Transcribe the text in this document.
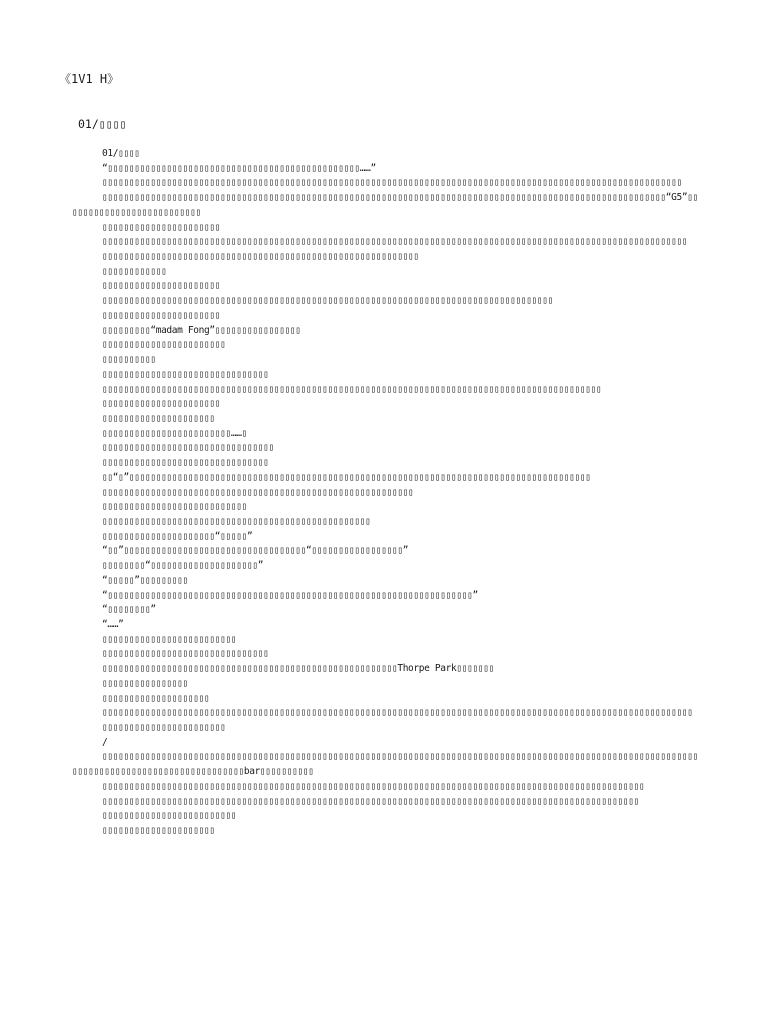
《1V1 H》
01/▯▯▯▯

01/▯▯▯▯

“▯▯▯▯▯▯▯▯▯▯▯▯▯▯▯▯▯▯▯▯▯▯▯▯▯▯▯▯▯▯▯▯▯▯▯▯▯▯▯▯▯▯▯▯▯▯▯……”

▯▯▯▯▯▯▯▯▯▯▯▯▯▯▯▯▯▯▯▯▯▯▯▯▯▯▯▯▯▯▯▯▯▯▯▯▯▯▯▯▯▯▯▯▯▯▯▯▯▯▯▯▯▯▯▯▯▯▯▯▯▯▯▯▯▯▯▯▯▯▯▯▯▯▯▯▯▯▯▯▯▯▯▯▯▯▯▯▯▯▯▯▯▯▯▯▯▯▯▯▯▯▯▯▯▯▯▯

▯▯▯▯▯▯▯▯▯▯▯▯▯▯▯▯▯▯▯▯▯▯▯▯▯▯▯▯▯▯▯▯▯▯▯▯▯▯▯▯▯▯▯▯▯▯▯▯▯▯▯▯▯▯▯▯▯▯▯▯▯▯▯▯▯▯▯▯▯▯▯▯▯▯▯▯▯▯▯▯▯▯▯▯▯▯▯▯▯▯▯▯▯▯▯▯▯▯▯▯▯▯▯▯▯“G5”▯▯▯▯▯▯▯▯▯▯▯▯▯▯▯▯▯▯▯▯▯▯▯▯▯▯

▯▯▯▯▯▯▯▯▯▯▯▯▯▯▯▯▯▯▯▯▯▯

▯▯▯▯▯▯▯▯▯▯▯▯▯▯▯▯▯▯▯▯▯▯▯▯▯▯▯▯▯▯▯▯▯▯▯▯▯▯▯▯▯▯▯▯▯▯▯▯▯▯▯▯▯▯▯▯▯▯▯▯▯▯▯▯▯▯▯▯▯▯▯▯▯▯▯▯▯▯▯▯▯▯▯▯▯▯▯▯▯▯▯▯▯▯▯▯▯▯▯▯▯▯▯▯▯▯▯▯▯

▯▯▯▯▯▯▯▯▯▯▯▯▯▯▯▯▯▯▯▯▯▯▯▯▯▯▯▯▯▯▯▯▯▯▯▯▯▯▯▯▯▯▯▯▯▯▯▯▯▯▯▯▯▯▯▯▯▯▯

▯▯▯▯▯▯▯▯▯▯▯▯

▯▯▯▯▯▯▯▯▯▯▯▯▯▯▯▯▯▯▯▯▯▯

▯▯▯▯▯▯▯▯▯▯▯▯▯▯▯▯▯▯▯▯▯▯▯▯▯▯▯▯▯▯▯▯▯▯▯▯▯▯▯▯▯▯▯▯▯▯▯▯▯▯▯▯▯▯▯▯▯▯▯▯▯▯▯▯▯▯▯▯▯▯▯▯▯▯▯▯▯▯▯▯▯▯▯▯

▯▯▯▯▯▯▯▯▯▯▯▯▯▯▯▯▯▯▯▯▯▯

▯▯▯▯▯▯▯▯▯“madam Fong”▯▯▯▯▯▯▯▯▯▯▯▯▯▯▯▯

▯▯▯▯▯▯▯▯▯▯▯▯▯▯▯▯▯▯▯▯▯▯▯

▯▯▯▯▯▯▯▯▯▯

▯▯▯▯▯▯▯▯▯▯▯▯▯▯▯▯▯▯▯▯▯▯▯▯▯▯▯▯▯▯▯

▯▯▯▯▯▯▯▯▯▯▯▯▯▯▯▯▯▯▯▯▯▯▯▯▯▯▯▯▯▯▯▯▯▯▯▯▯▯▯▯▯▯▯▯▯▯▯▯▯▯▯▯▯▯▯▯▯▯▯▯▯▯▯▯▯▯▯▯▯▯▯▯▯▯▯▯▯▯▯▯▯▯▯▯▯▯▯▯▯▯▯▯▯

▯▯▯▯▯▯▯▯▯▯▯▯▯▯▯▯▯▯▯▯▯▯

▯▯▯▯▯▯▯▯▯▯▯▯▯▯▯▯▯▯▯▯▯

▯▯▯▯▯▯▯▯▯▯▯▯▯▯▯▯▯▯▯▯▯▯▯▯……▯

▯▯▯▯▯▯▯▯▯▯▯▯▯▯▯▯▯▯▯▯▯▯▯▯▯▯▯▯▯▯▯▯

▯▯▯▯▯▯▯▯▯▯▯▯▯▯▯▯▯▯▯▯▯▯▯▯▯▯▯▯▯▯▯

▯▯“▯”▯▯▯▯▯▯▯▯▯▯▯▯▯▯▯▯▯▯▯▯▯▯▯▯▯▯▯▯▯▯▯▯▯▯▯▯▯▯▯▯▯▯▯▯▯▯▯▯▯▯▯▯▯▯▯▯▯▯▯▯▯▯▯▯▯▯▯▯▯▯▯▯▯▯▯▯▯▯▯▯▯▯▯▯▯▯

▯▯▯▯▯▯▯▯▯▯▯▯▯▯▯▯▯▯▯▯▯▯▯▯▯▯▯▯▯▯▯▯▯▯▯▯▯▯▯▯▯▯▯▯▯▯▯▯▯▯▯▯▯▯▯▯▯▯

▯▯▯▯▯▯▯▯▯▯▯▯▯▯▯▯▯▯▯▯▯▯▯▯▯▯▯

▯▯▯▯▯▯▯▯▯▯▯▯▯▯▯▯▯▯▯▯▯▯▯▯▯▯▯▯▯▯▯▯▯▯▯▯▯▯▯▯▯▯▯▯▯▯▯▯▯▯

▯▯▯▯▯▯▯▯▯▯▯▯▯▯▯▯▯▯▯▯▯“▯▯▯▯▯”

“▯▯”▯▯▯▯▯▯▯▯▯▯▯▯▯▯▯▯▯▯▯▯▯▯▯▯▯▯▯▯▯▯▯▯▯▯“▯▯▯▯▯▯▯▯▯▯▯▯▯▯▯▯▯”

▯▯▯▯▯▯▯▯“▯▯▯▯▯▯▯▯▯▯▯▯▯▯▯▯▯▯▯▯”

“▯▯▯▯▯”▯▯▯▯▯▯▯▯▯

“▯▯▯▯▯▯▯▯▯▯▯▯▯▯▯▯▯▯▯▯▯▯▯▯▯▯▯▯▯▯▯▯▯▯▯▯▯▯▯▯▯▯▯▯▯▯▯▯▯▯▯▯▯▯▯▯▯▯▯▯▯▯▯▯▯▯▯▯”

“▯▯▯▯▯▯▯▯”

“……”

▯▯▯▯▯▯▯▯▯▯▯▯▯▯▯▯▯▯▯▯▯▯▯▯▯

▯▯▯▯▯▯▯▯▯▯▯▯▯▯▯▯▯▯▯▯▯▯▯▯▯▯▯▯▯▯▯

▯▯▯▯▯▯▯▯▯▯▯▯▯▯▯▯▯▯▯▯▯▯▯▯▯▯▯▯▯▯▯▯▯▯▯▯▯▯▯▯▯▯▯▯▯▯▯▯▯▯▯▯▯▯▯Thorpe Park▯▯▯▯▯▯▯

▯▯▯▯▯▯▯▯▯▯▯▯▯▯▯▯

▯▯▯▯▯▯▯▯▯▯▯▯▯▯▯▯▯▯▯▯

▯▯▯▯▯▯▯▯▯▯▯▯▯▯▯▯▯▯▯▯▯▯▯▯▯▯▯▯▯▯▯▯▯▯▯▯▯▯▯▯▯▯▯▯▯▯▯▯▯▯▯▯▯▯▯▯▯▯▯▯▯▯▯▯▯▯▯▯▯▯▯▯▯▯▯▯▯▯▯▯▯▯▯▯▯▯▯▯▯▯▯▯▯▯▯▯▯▯▯▯▯▯▯▯▯▯▯▯▯▯

▯▯▯▯▯▯▯▯▯▯▯▯▯▯▯▯▯▯▯▯▯▯▯

/

▯▯▯▯▯▯▯▯▯▯▯▯▯▯▯▯▯▯▯▯▯▯▯▯▯▯▯▯▯▯▯▯▯▯▯▯▯▯▯▯▯▯▯▯▯▯▯▯▯▯▯▯▯▯▯▯▯▯▯▯▯▯▯▯▯▯▯▯▯▯▯▯▯▯▯▯▯▯▯▯▯▯▯▯▯▯▯▯▯▯▯▯▯▯▯▯▯▯▯▯▯▯▯▯▯▯▯▯▯▯▯▯▯▯▯▯▯▯▯▯▯▯▯▯▯▯▯▯▯▯▯▯▯▯▯▯▯▯▯▯▯▯▯bar▯▯▯▯▯▯▯▯▯▯

▯▯▯▯▯▯▯▯▯▯▯▯▯▯▯▯▯▯▯▯▯▯▯▯▯▯▯▯▯▯▯▯▯▯▯▯▯▯▯▯▯▯▯▯▯▯▯▯▯▯▯▯▯▯▯▯▯▯▯▯▯▯▯▯▯▯▯▯▯▯▯▯▯▯▯▯▯▯▯▯▯▯▯▯▯▯▯▯▯▯▯▯▯▯▯▯▯▯▯▯▯

▯▯▯▯▯▯▯▯▯▯▯▯▯▯▯▯▯▯▯▯▯▯▯▯▯▯▯▯▯▯▯▯▯▯▯▯▯▯▯▯▯▯▯▯▯▯▯▯▯▯▯▯▯▯▯▯▯▯▯▯▯▯▯▯▯▯▯▯▯▯▯▯▯▯▯▯▯▯▯▯▯▯▯▯▯▯▯▯▯▯▯▯▯▯▯▯▯▯▯▯

▯▯▯▯▯▯▯▯▯▯▯▯▯▯▯▯▯▯▯▯▯▯▯▯▯

▯▯▯▯▯▯▯▯▯▯▯▯▯▯▯▯▯▯▯▯▯
